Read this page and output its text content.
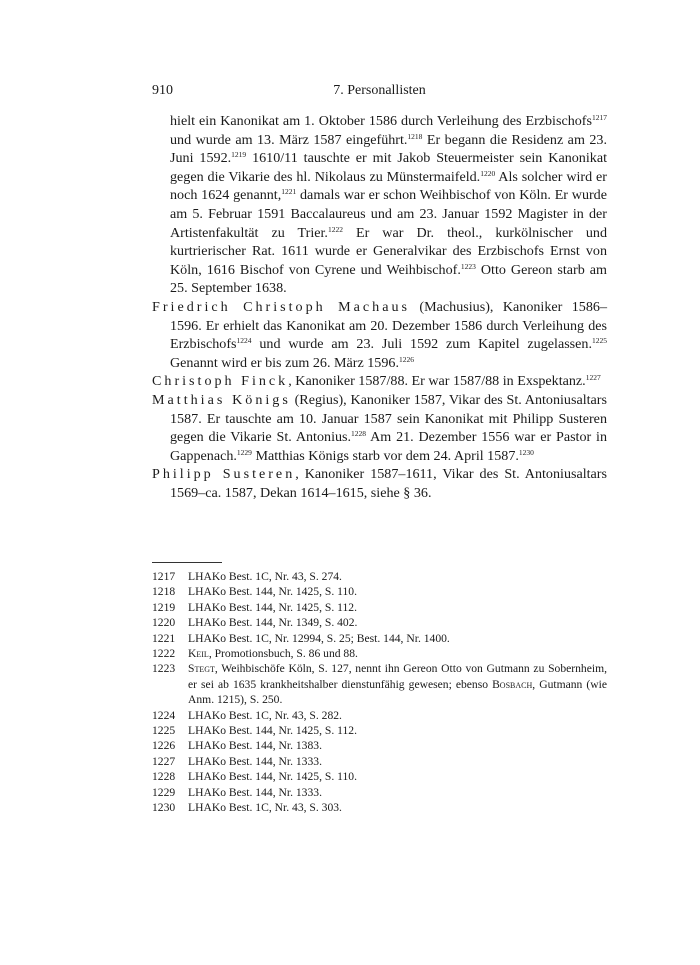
910	7. Personallisten

hielt ein Kanonikat am 1. Oktober 1586 durch Verleihung des Erzbischofs$^{1217}$ und wurde am 13. März 1587 eingeführt.$^{1218}$ Er begann die Residenz am 23. Juni 1592.$^{1219}$ 1610/11 tauschte er mit Jakob Steuermeister sein Kanonikat gegen die Vikarie des hl. Nikolaus zu Münstermaifeld.$^{1220}$ Als solcher wird er noch 1624 genannt,$^{1221}$ damals war er schon Weihbischof von Köln. Er wurde am 5. Februar 1591 Baccalaureus und am 23. Januar 1592 Magister in der Artistenfakultät zu Trier.$^{1222}$ Er war Dr. theol., kurkölnischer und kurtrierischer Rat. 1611 wurde er Generalvikar des Erzbischofs Ernst von Köln, 1616 Bischof von Cyrene und Weihbischof.$^{1223}$ Otto Gereon starb am 25. September 1638.

Friedrich Christoph Machaus (Machusius), Kanoniker 1586–1596. Er erhielt das Kanonikat am 20. Dezember 1586 durch Verleihung des Erzbischofs$^{1224}$ und wurde am 23. Juli 1592 zum Kapitel zugelassen.$^{1225}$ Genannt wird er bis zum 26. März 1596.$^{1226}$

Christoph Finck, Kanoniker 1587/88. Er war 1587/88 in Exspektanz.$^{1227}$

Matthias Königs (Regius), Kanoniker 1587, Vikar des St. Antoniusaltars 1587. Er tauschte am 10. Januar 1587 sein Kanonikat mit Philipp Susteren gegen die Vikarie St. Antonius.$^{1228}$ Am 21. Dezember 1556 war er Pastor in Gappenach.$^{1229}$ Matthias Königs starb vor dem 24. April 1587.$^{1230}$

Philipp Susteren, Kanoniker 1587–1611, Vikar des St. Antoniusaltars 1569–ca. 1587, Dekan 1614–1615, siehe § 36.

1217	LHAKo Best. 1C, Nr. 43, S. 274.
1218	LHAKo Best. 144, Nr. 1425, S. 110.
1219	LHAKo Best. 144, Nr. 1425, S. 112.
1220	LHAKo Best. 144, Nr. 1349, S. 402.
1221	LHAKo Best. 1C, Nr. 12994, S. 25; Best. 144, Nr. 1400.
1222	Keil, Promotionsbuch, S. 86 und 88.
1223	Stegt, Weihbischöfe Köln, S. 127, nennt ihn Gereon Otto von Gutmann zu Sobernheim, er sei ab 1635 krankheitshalber dienstunfähig gewesen; ebenso Bosbach, Gutmann (wie Anm. 1215), S. 250.
1224	LHAKo Best. 1C, Nr. 43, S. 282.
1225	LHAKo Best. 144, Nr. 1425, S. 112.
1226	LHAKo Best. 144, Nr. 1383.
1227	LHAKo Best. 144, Nr. 1333.
1228	LHAKo Best. 144, Nr. 1425, S. 110.
1229	LHAKo Best. 144, Nr. 1333.
1230	LHAKo Best. 1C, Nr. 43, S. 303.
